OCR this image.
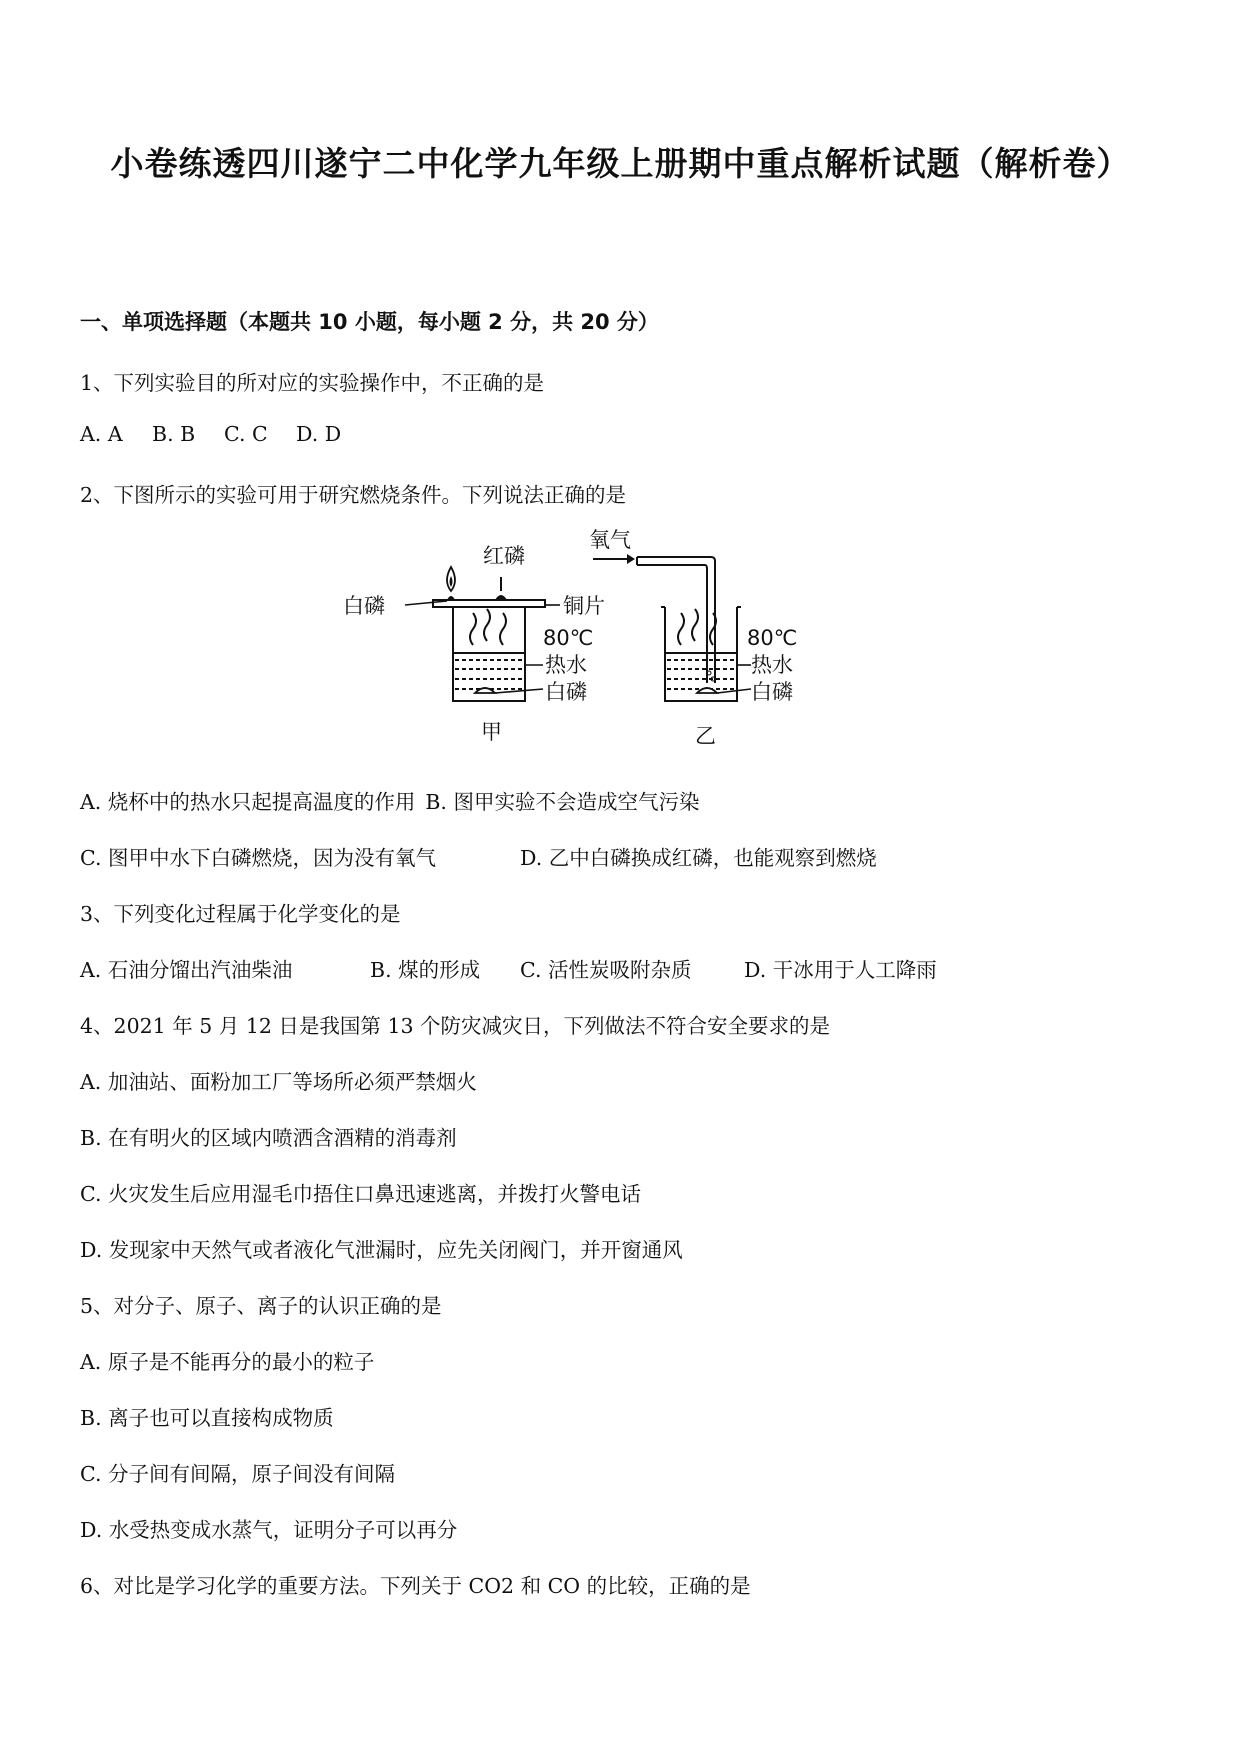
小卷练透四川遂宁二中化学九年级上册期中重点解析试题（解析卷）
一、单项选择题（本题共 10 小题，每小题 2 分，共 20 分）
1、下列实验目的所对应的实验操作中，不正确的是
A. A B. B C. C D. D
2、下图所示的实验可用于研究燃烧条件。下列说法正确的是
红磷
白磷	铜片
80℃
热水
白磷
甲
氧气
80℃
热水
白磷
乙
A. 烧杯中的热水只起提高温度的作用 B. 图甲实验不会造成空气污染
C. 图甲中水下白磷燃烧，因为没有氧气	D. 乙中白磷换成红磷，也能观察到燃烧
3、下列变化过程属于化学变化的是
A. 石油分馏出汽油柴油	B. 煤的形成 C. 活性炭吸附杂质	D. 干冰用于人工降雨
4、2021 年 5 月 12 日是我国第 13 个防灾减灾日，下列做法不符合安全要求的是
A. 加油站、面粉加工厂等场所必须严禁烟火
B. 在有明火的区域内喷洒含酒精的消毒剂
C. 火灾发生后应用湿毛巾捂住口鼻迅速逃离，并拨打火警电话
D. 发现家中天然气或者液化气泄漏时，应先关闭阀门，并开窗通风
5、对分子、原子、离子的认识正确的是
A. 原子是不能再分的最小的粒子
B. 离子也可以直接构成物质
C. 分子间有间隔，原子间没有间隔
D. 水受热变成水蒸气，证明分子可以再分
6、对比是学习化学的重要方法。下列关于 CO2 和 CO 的比较，正确的是
